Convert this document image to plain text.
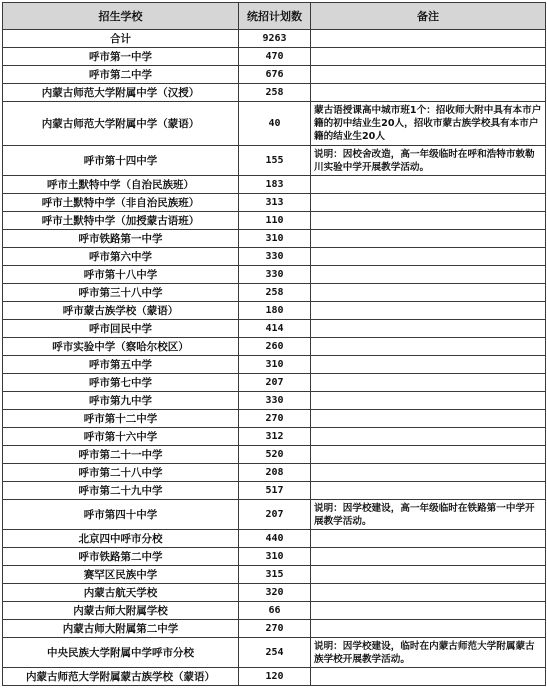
招生学校	统招计划数	备注
合计	9263	
呼市第一中学	470	
呼市第二中学	676	
内蒙古师范大学附属中学（汉授）	258	
内蒙古师范大学附属中学（蒙语）	40	蒙古语授课高中城市班1个：招收师大附中具有本市户籍的初中结业生20人，招收市蒙古族学校具有本市户籍的结业生20人
呼市第十四中学	155	说明：因校舍改造，高一年级临时在呼和浩特市敕勒川实验中学开展教学活动。
呼市土默特中学（自治民族班）	183	
呼市土默特中学（非自治民族班）	313	
呼市土默特中学（加授蒙古语班）	110	
呼市铁路第一中学	310	
呼市第六中学	330	
呼市第十八中学	330	
呼市第三十八中学	258	
呼市蒙古族学校（蒙语）	180	
呼市回民中学	414	
呼市实验中学（察哈尔校区）	260	
呼市第五中学	310	
呼市第七中学	207	
呼市第九中学	330	
呼市第十二中学	270	
呼市第十六中学	312	
呼市第二十一中学	520	
呼市第二十八中学	208	
呼市第二十九中学	517	
呼市第四十中学	207	说明：因学校建设，高一年级临时在铁路第一中学开展教学活动。
北京四中呼市分校	440	
呼市铁路第二中学	310	
赛罕区民族中学	315	
内蒙古航天学校	320	
内蒙古师大附属学校	66	
内蒙古师大附属第二中学	270	
中央民族大学附属中学呼市分校	254	说明：因学校建设，临时在内蒙古师范大学附属蒙古族学校开展教学活动。
内蒙古师范大学附属蒙古族学校（蒙语）	120	
